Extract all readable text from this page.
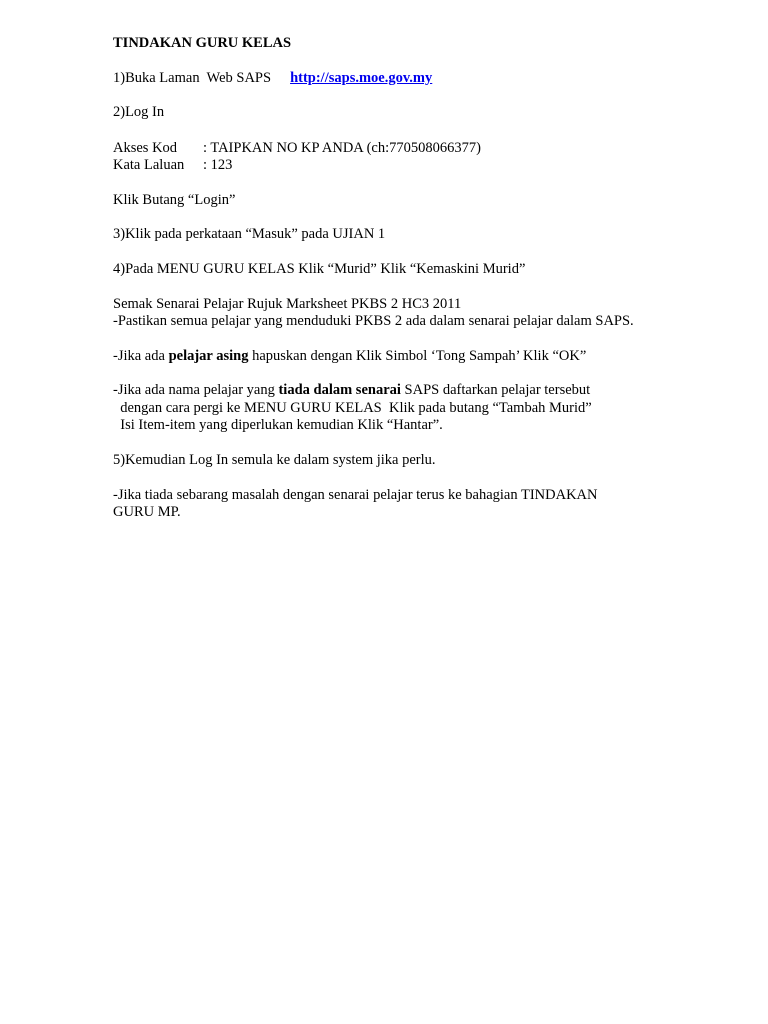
TINDAKAN GURU KELAS
1)Buka Laman  Web SAPS http://saps.moe.gov.my
2)Log In
Akses Kod : TAIPKAN NO KP ANDA (ch:770508066377)
Kata Laluan : 123
Klik Butang “Login”
3)Klik pada perkataan “Masuk” pada UJIAN 1
4)Pada MENU GURU KELAS Klik “Murid” Klik “Kemaskini Murid”
Semak Senarai Pelajar Rujuk Marksheet PKBS 2 HC3 2011
-Pastikan semua pelajar yang menduduki PKBS 2 ada dalam senarai pelajar dalam SAPS.
-Jika ada pelajar asing hapuskan dengan Klik Simbol ‘Tong Sampah’ Klik “OK”
-Jika ada nama pelajar yang tiada dalam senarai SAPS daftarkan pelajar tersebut
dengan cara pergi ke MENU GURU KELAS  Klik pada butang “Tambah Murid”
Isi Item-item yang diperlukan kemudian Klik “Hantar”.
5)Kemudian Log In semula ke dalam system jika perlu.
-Jika tiada sebarang masalah dengan senarai pelajar terus ke bahagian TINDAKAN
GURU MP.
